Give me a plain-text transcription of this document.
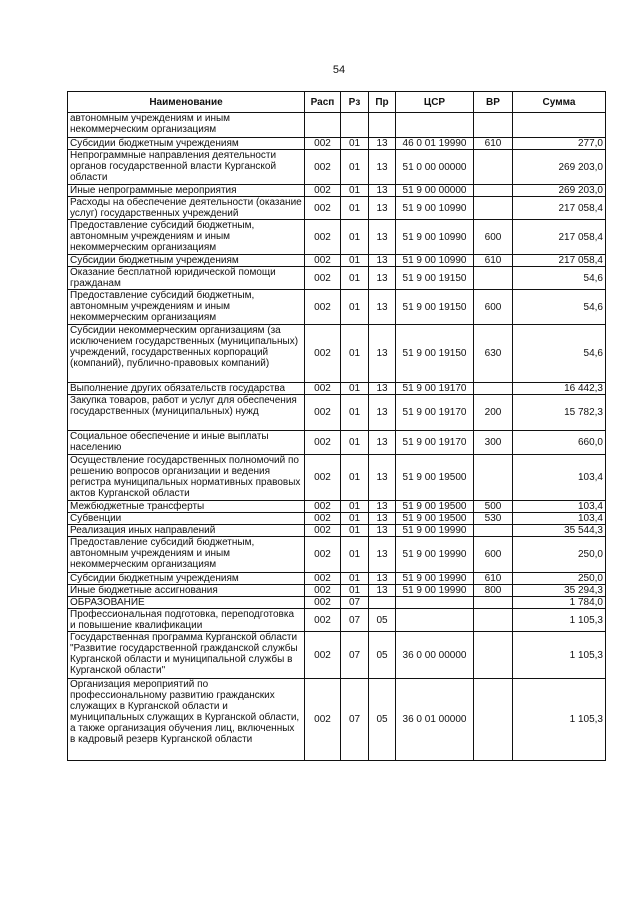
54
Наименование	Расп	Рз	Пр	ЦСР	ВР	Сумма
автономным учреждениям и иным некоммерческим организациям						
Субсидии бюджетным учреждениям	002	01	13	46 0 01 19990	610	277,0
Непрограммные направления деятельности органов государственной власти Курганской области	002	01	13	51 0 00 00000		269 203,0
Иные непрограммные мероприятия	002	01	13	51 9 00 00000		269 203,0
Расходы на обеспечение деятельности (оказание услуг) государственных учреждений	002	01	13	51 9 00 10990		217 058,4
Предоставление субсидий бюджетным, автономным учреждениям и иным некоммерческим организациям	002	01	13	51 9 00 10990	600	217 058,4
Субсидии бюджетным учреждениям	002	01	13	51 9 00 10990	610	217 058,4
Оказание бесплатной юридической помощи гражданам	002	01	13	51 9 00 19150		54,6
Предоставление субсидий бюджетным, автономным учреждениям и иным некоммерческим организациям	002	01	13	51 9 00 19150	600	54,6
Субсидии некоммерческим организациям (за исключением государственных (муниципальных) учреждений, государственных корпораций (компаний), публично-правовых компаний)	002	01	13	51 9 00 19150	630	54,6
Выполнение других обязательств государства	002	01	13	51 9 00 19170		16 442,3
Закупка товаров, работ и услуг для обеспечения государственных (муниципальных) нужд	002	01	13	51 9 00 19170	200	15 782,3
Социальное обеспечение и иные выплаты населению	002	01	13	51 9 00 19170	300	660,0
Осуществление государственных полномочий по решению вопросов организации и ведения регистра муниципальных нормативных правовых актов Курганской области	002	01	13	51 9 00 19500		103,4
Межбюджетные трансферты	002	01	13	51 9 00 19500	500	103,4
Субвенции	002	01	13	51 9 00 19500	530	103,4
Реализация иных направлений	002	01	13	51 9 00 19990		35 544,3
Предоставление субсидий бюджетным, автономным учреждениям и иным некоммерческим организациям	002	01	13	51 9 00 19990	600	250,0
Субсидии бюджетным учреждениям	002	01	13	51 9 00 19990	610	250,0
Иные бюджетные ассигнования	002	01	13	51 9 00 19990	800	35 294,3
ОБРАЗОВАНИЕ	002	07				1 784,0
Профессиональная подготовка, переподготовка и повышение квалификации	002	07	05			1 105,3
Государственная программа Курганской области "Развитие государственной гражданской службы Курганской области и муниципальной службы в Курганской области"	002	07	05	36 0 00 00000		1 105,3
Организация мероприятий по профессиональному развитию гражданских служащих в Курганской области и муниципальных служащих в Курганской области, а также организация обучения лиц, включенных в кадровый резерв Курганской области	002	07	05	36 0 01 00000		1 105,3
